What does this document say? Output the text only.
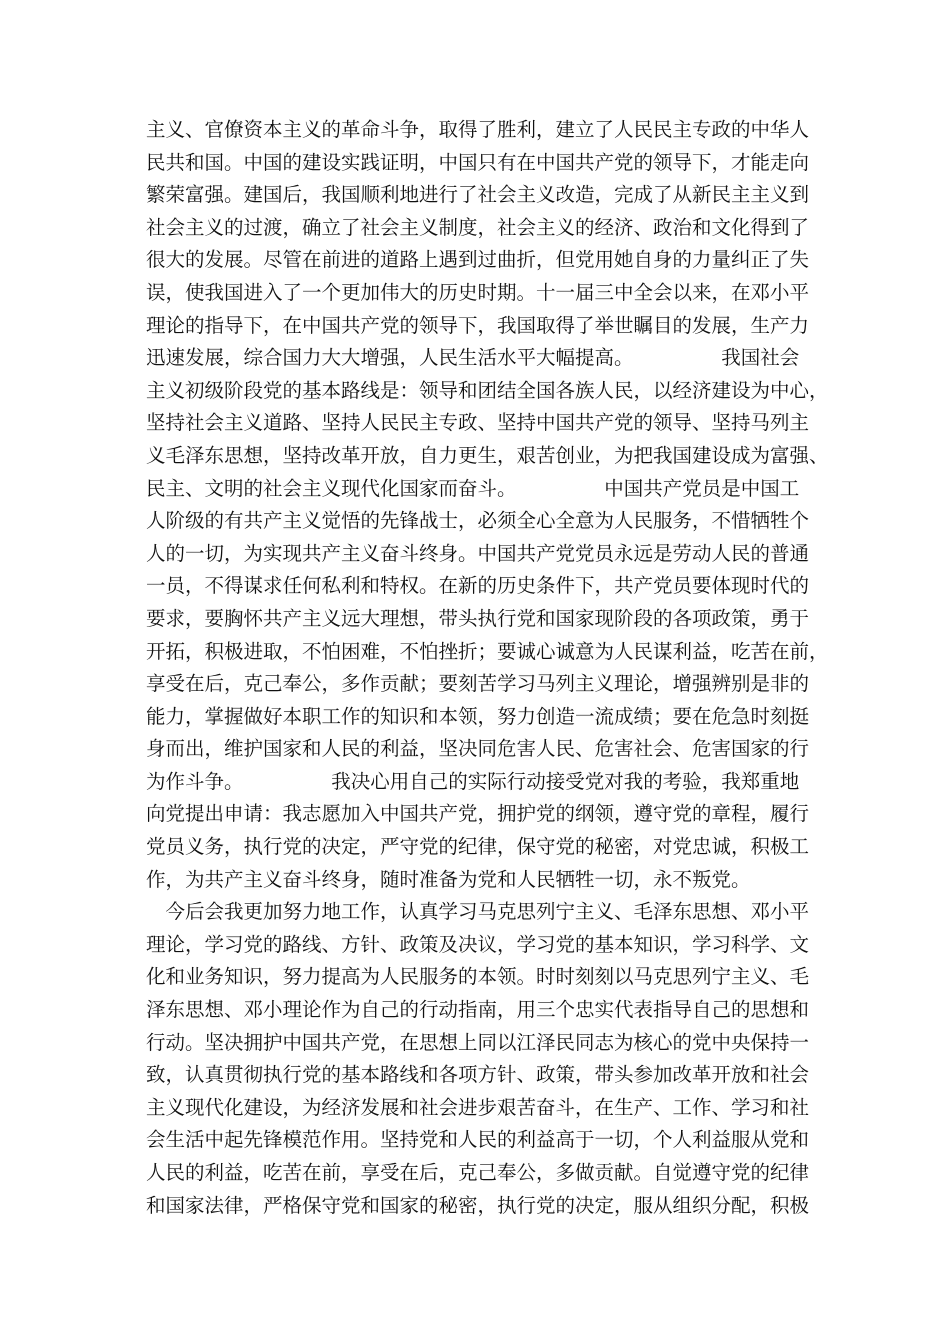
主义、官僚资本主义的革命斗争，取得了胜利，建立了人民民主专政的中华人
民共和国。中国的建设实践证明，中国只有在中国共产党的领导下，才能走向
繁荣富强。建国后，我国顺利地进行了社会主义改造，完成了从新民主主义到
社会主义的过渡，确立了社会主义制度，社会主义的经济、政治和文化得到了
很大的发展。尽管在前进的道路上遇到过曲折，但党用她自身的力量纠正了失
误，使我国进入了一个更加伟大的历史时期。十一届三中全会以来，在邓小平
理论的指导下，在中国共产党的领导下，我国取得了举世瞩目的发展，生产力
迅速发展，综合国力大大增强，人民生活水平大幅提高。　　　　　我国社会
主义初级阶段党的基本路线是：领导和团结全国各族人民，以经济建设为中心，
坚持社会主义道路、坚持人民民主专政、坚持中国共产党的领导、坚持马列主
义毛泽东思想，坚持改革开放，自力更生，艰苦创业，为把我国建设成为富强、
民主、文明的社会主义现代化国家而奋斗。　　　　　中国共产党员是中国工
人阶级的有共产主义觉悟的先锋战士，必须全心全意为人民服务，不惜牺牲个
人的一切，为实现共产主义奋斗终身。中国共产党党员永远是劳动人民的普通
一员，不得谋求任何私利和特权。在新的历史条件下，共产党员要体现时代的
要求，要胸怀共产主义远大理想，带头执行党和国家现阶段的各项政策，勇于
开拓，积极进取，不怕困难，不怕挫折；要诚心诚意为人民谋利益，吃苦在前，
享受在后，克己奉公，多作贡献；要刻苦学习马列主义理论，增强辨别是非的
能力，掌握做好本职工作的知识和本领，努力创造一流成绩；要在危急时刻挺
身而出，维护国家和人民的利益，坚决同危害人民、危害社会、危害国家的行
为作斗争。　　　　　我决心用自己的实际行动接受党对我的考验，我郑重地
向党提出申请：我志愿加入中国共产党，拥护党的纲领，遵守党的章程，履行
党员义务，执行党的决定，严守党的纪律，保守党的秘密，对党忠诚，积极工
作，为共产主义奋斗终身，随时准备为党和人民牺牲一切，永不叛党。
　今后会我更加努力地工作，认真学习马克思列宁主义、毛泽东思想、邓小平
理论，学习党的路线、方针、政策及决议，学习党的基本知识，学习科学、文
化和业务知识，努力提高为人民服务的本领。时时刻刻以马克思列宁主义、毛
泽东思想、邓小理论作为自己的行动指南，用三个忠实代表指导自己的思想和
行动。坚决拥护中国共产党，在思想上同以江泽民同志为核心的党中央保持一
致，认真贯彻执行党的基本路线和各项方针、政策，带头参加改革开放和社会
主义现代化建设，为经济发展和社会进步艰苦奋斗，在生产、工作、学习和社
会生活中起先锋模范作用。坚持党和人民的利益高于一切，个人利益服从党和
人民的利益，吃苦在前，享受在后，克己奉公，多做贡献。自觉遵守党的纪律
和国家法律，严格保守党和国家的秘密，执行党的决定，服从组织分配，积极
